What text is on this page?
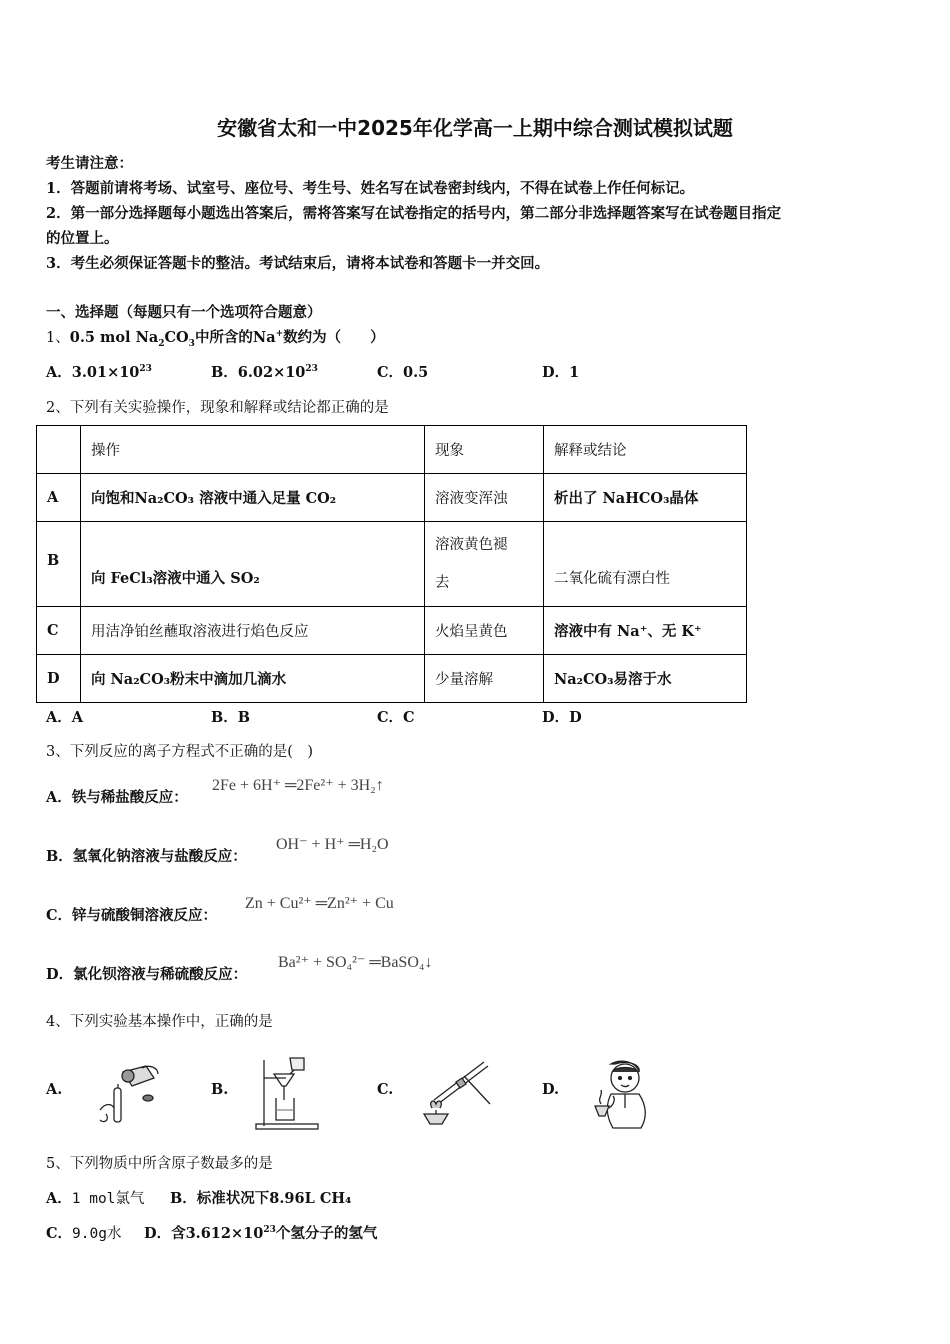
安徽省太和一中2025年化学高一上期中综合测试模拟试题
考生请注意：
1．答题前请将考场、试室号、座位号、考生号、姓名写在试卷密封线内，不得在试卷上作任何标记。
2．第一部分选择题每小题选出答案后，需将答案写在试卷指定的括号内，第二部分非选择题答案写在试卷题目指定
的位置上。
3．考生必须保证答题卡的整洁。考试结束后，请将本试卷和答题卡一并交回。
一、选择题（每题只有一个选项符合题意）
1、0.5 mol $Na_2CO_3$中所含的Na+数约为（　　）
A．$3.01\times 10^{23}$	B．$6.02\times 10^{23}$	C．0.5	D．1
2、下列有关实验操作，现象和解释或结论都正确的是
	操作	现象	解释或结论
A	向饱和Na₂CO₃ 溶液中通入足量 CO₂	溶液变浑浊	析出了 NaHCO₃晶体
B	向 FeCl₃溶液中通入 SO₂	溶液黄色褪
去	二氧化硫有漂白性
C	用洁净铂丝蘸取溶液进行焰色反应	火焰呈黄色	溶液中有 Na⁺、无 K⁺
D	向 Na₂CO₃粉末中滴加几滴水	少量溶解	Na₂CO₃易溶于水
A．A	B．B	C．C	D．D
3、下列反应的离子方程式不正确的是(　)
A．铁与稀盐酸反应：
2Fe + 6H⁺ ═2Fe²⁺ + 3H₂↑
B．氢氧化钠溶液与盐酸反应：
OH⁻ + H⁺ ═H₂O
C．锌与硫酸铜溶液反应：
Zn + Cu²⁺ ═Zn²⁺ + Cu
D．氯化钡溶液与稀硫酸反应：
Ba²⁺ + SO₄²⁻ ═BaSO₄↓
4、下列实验基本操作中，正确的是
A.	B.	C.	D.
5、下列物质中所含原子数最多的是
A．1 mol氯气 B．标准状况下8.96L CH₄
C．9.0g水 D．含$3.612\times 10^{23}$个氢分子的氢气
